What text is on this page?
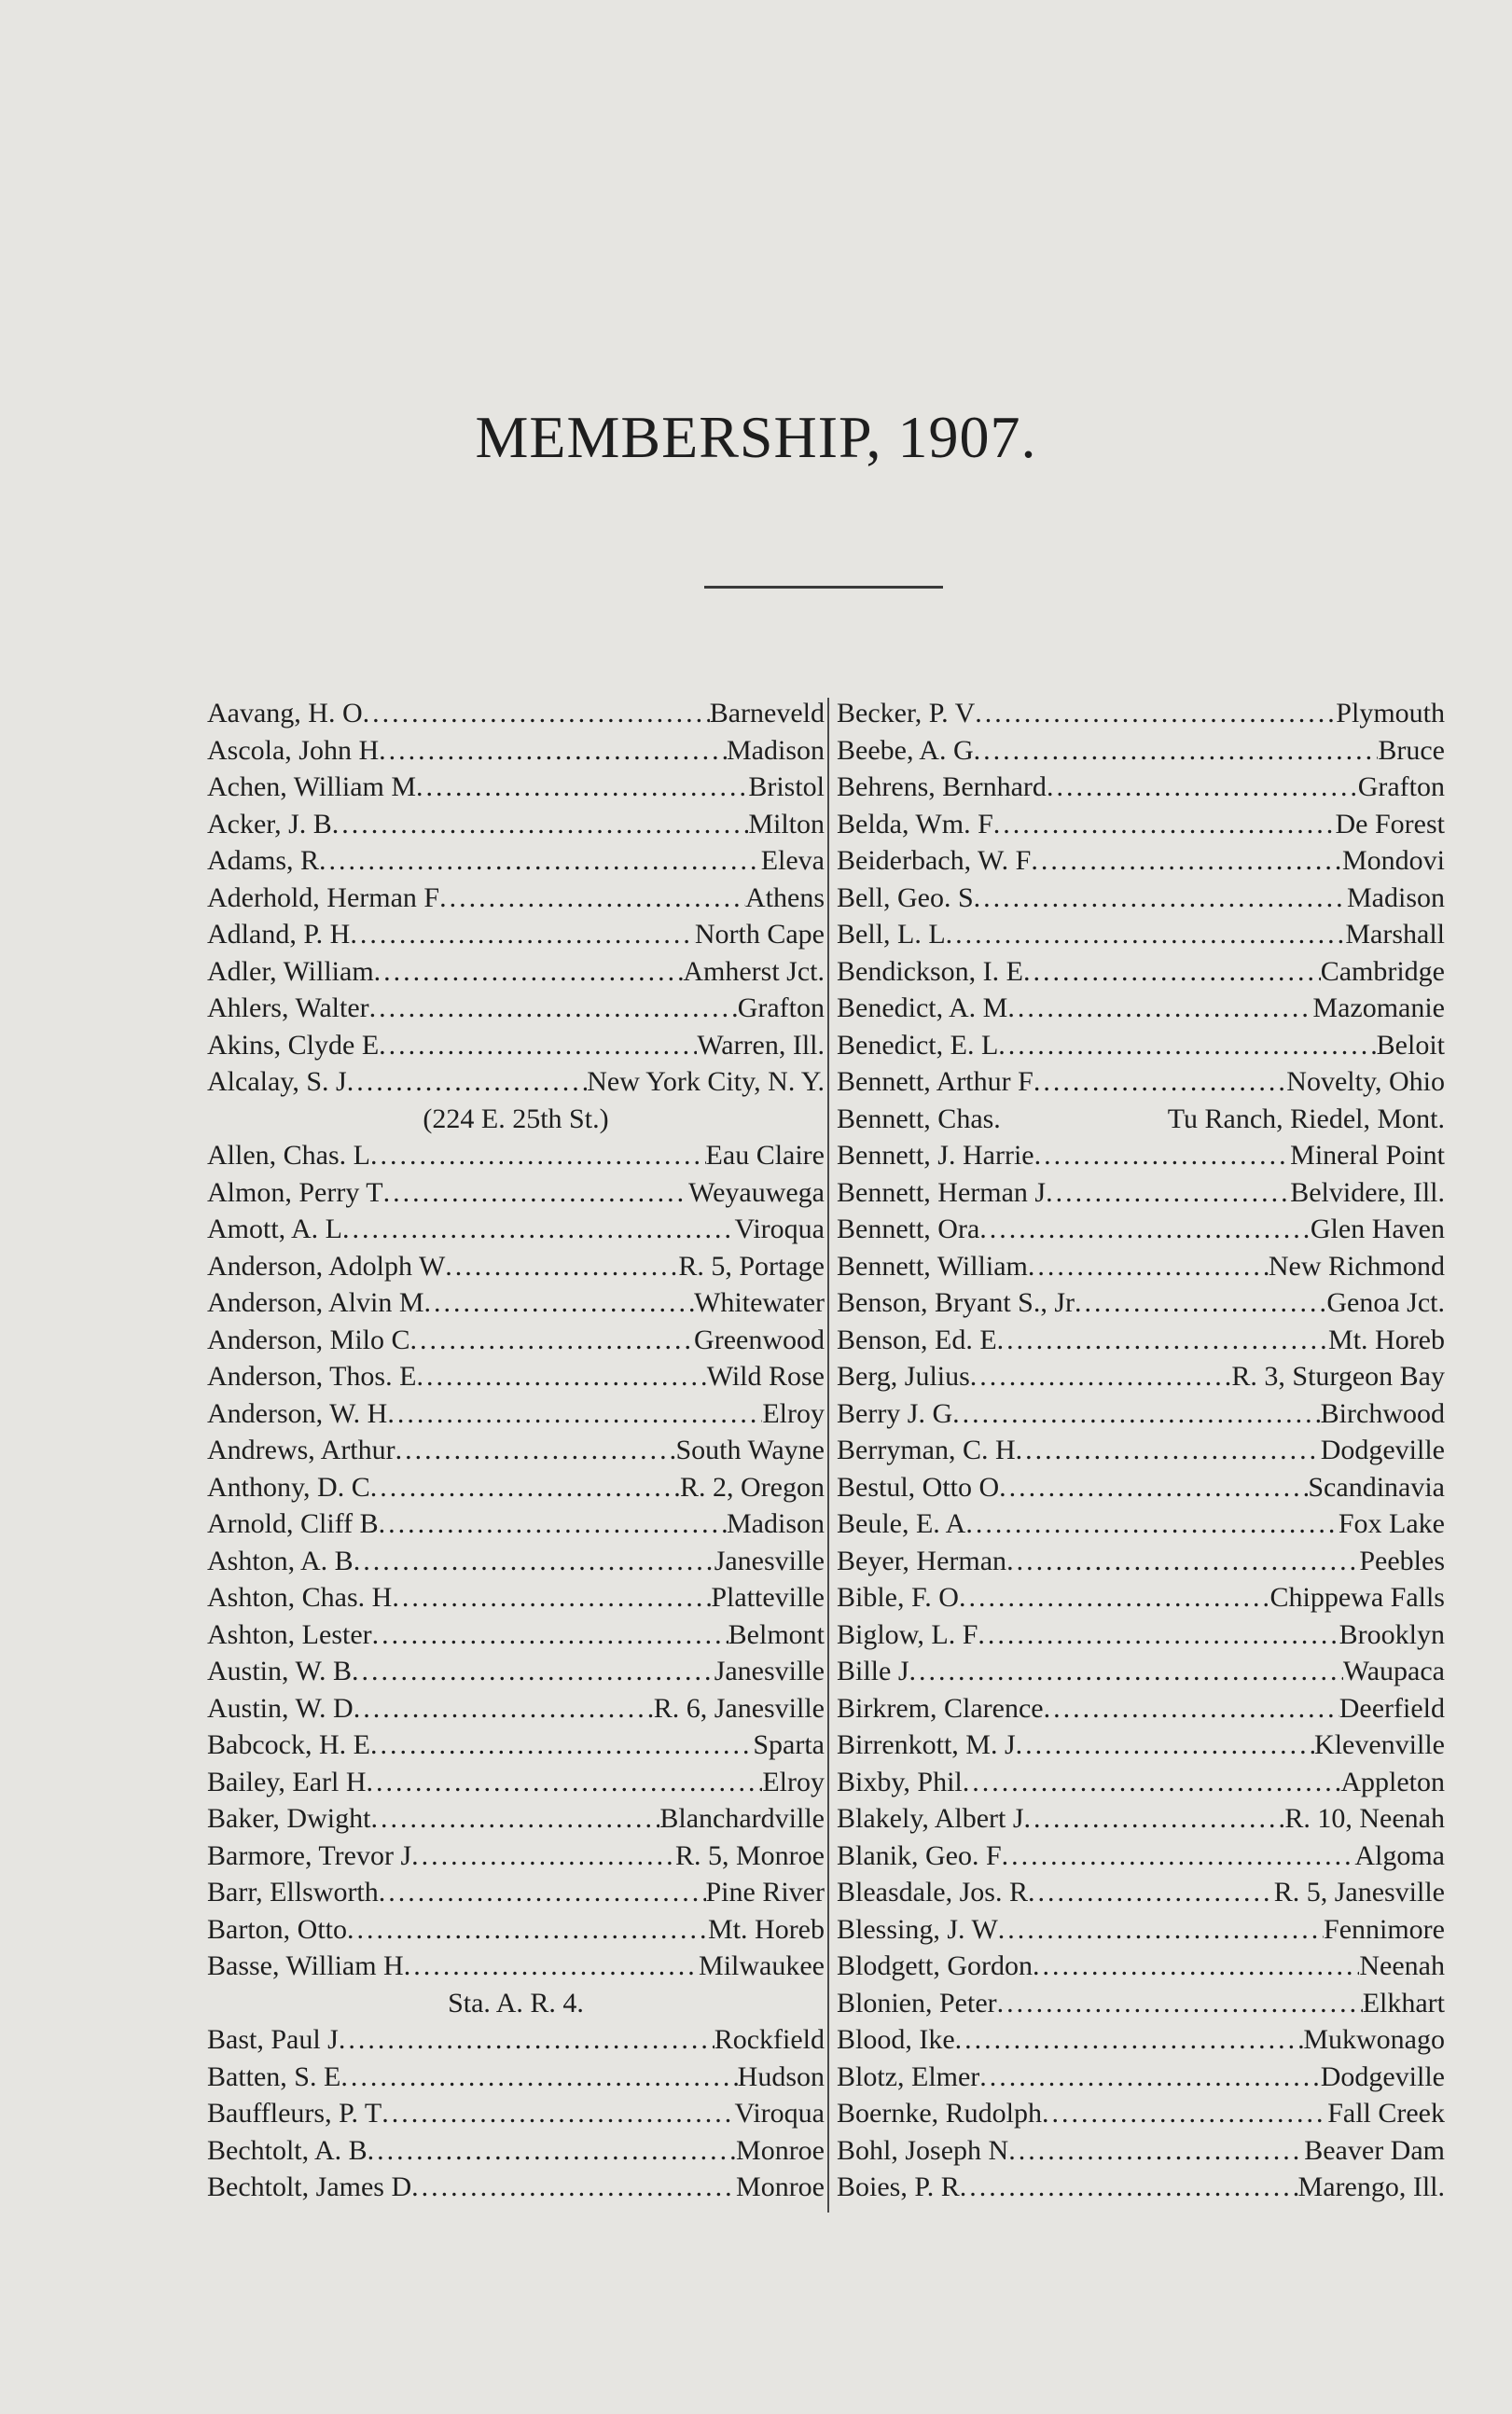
MEMBERSHIP, 1907.
Aavang, H. O .....	Barneveld
Ascola, John H .....	Madison
Achen, William M .....	Bristol
Acker, J. B .....	Milton
Adams, R .....	Eleva
Aderhold, Herman F .....	Athens
Adland, P. H .....	North Cape
Adler, William .....	Amherst Jct.
Ahlers, Walter .....	Grafton
Akins, Clyde E .....	Warren, Ill.
Alcalay, S. J .....	New York City, N. Y.
(224 E. 25th St.)
Allen, Chas. L .....	Eau Claire
Almon, Perry T .....	Weyauwega
Amott, A. L .....	Viroqua
Anderson, Adolph W .....	R. 5, Portage
Anderson, Alvin M .....	Whitewater
Anderson, Milo C .....	Greenwood
Anderson, Thos. E .....	Wild Rose
Anderson, W. H .....	Elroy
Andrews, Arthur .....	South Wayne
Anthony, D. C .....	R. 2, Oregon
Arnold, Cliff B .....	Madison
Ashton, A. B .....	Janesville
Ashton, Chas. H .....	Platteville
Ashton, Lester .....	Belmont
Austin, W. B .....	Janesville
Austin, W. D .....	R. 6, Janesville
Babcock, H. E .....	Sparta
Bailey, Earl H .....	Elroy
Baker, Dwight .....	Blanchardville
Barmore, Trevor J .....	R. 5, Monroe
Barr, Ellsworth .....	Pine River
Barton, Otto .....	Mt. Horeb
Basse, William H .....	Milwaukee
Sta. A. R. 4.
Bast, Paul J .....	Rockfield
Batten, S. E .....	Hudson
Bauffleurs, P. T .....	Viroqua
Bechtolt, A. B .....	Monroe
Bechtolt, James D .....	Monroe
Becker, P. V .....	Plymouth
Beebe, A. G .....	Bruce
Behrens, Bernhard .....	Grafton
Belda, Wm. F .....	De Forest
Beiderbach, W. F .....	Mondovi
Bell, Geo. S .....	Madison
Bell, L. L .....	Marshall
Bendickson, I. E .....	Cambridge
Benedict, A. M .....	Mazomanie
Benedict, E. L .....	Beloit
Bennett, Arthur F .....	Novelty, Ohio
Bennett, Chas.	Tu Ranch, Riedel, Mont.
Bennett, J. Harrie .....	Mineral Point
Bennett, Herman J .....	Belvidere, Ill.
Bennett, Ora .....	Glen Haven
Bennett, William .....	New Richmond
Benson, Bryant S., Jr .....	Genoa Jct.
Benson, Ed. E .....	Mt. Horeb
Berg, Julius .....	R. 3, Sturgeon Bay
Berry J. G .....	Birchwood
Berryman, C. H .....	Dodgeville
Bestul, Otto O .....	Scandinavia
Beule, E. A .....	Fox Lake
Beyer, Herman .....	Peebles
Bible, F. O .....	Chippewa Falls
Biglow, L. F .....	Brooklyn
Bille J .....	Waupaca
Birkrem, Clarence .....	Deerfield
Birrenkott, M. J .....	Klevenville
Bixby, Phil .....	Appleton
Blakely, Albert J .....	R. 10, Neenah
Blanik, Geo. F .....	Algoma
Bleasdale, Jos. R .....	R. 5, Janesville
Blessing, J. W .....	Fennimore
Blodgett, Gordon .....	Neenah
Blonien, Peter .....	Elkhart
Blood, Ike .....	Mukwonago
Blotz, Elmer .....	Dodgeville
Boernke, Rudolph .....	Fall Creek
Bohl, Joseph N .....	Beaver Dam
Boies, P. R .....	Marengo, Ill.
